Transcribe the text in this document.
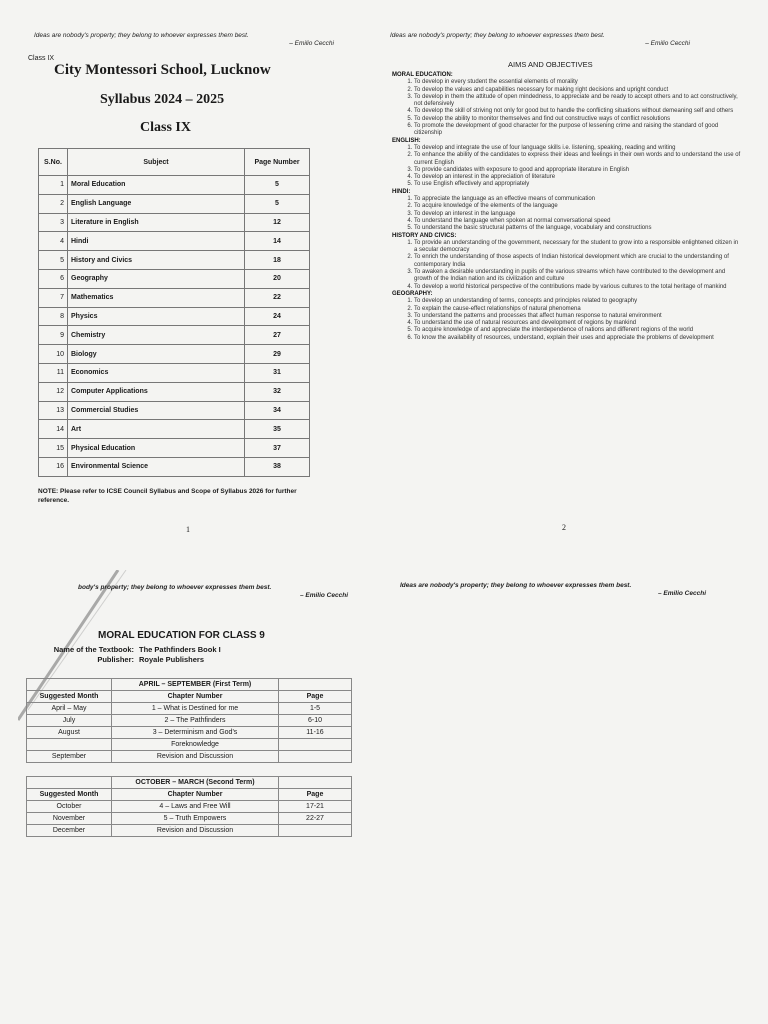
Ideas are nobody's property; they belong to whoever expresses them best.
– Emilio Cecchi
Class IX
City Montessori School, Lucknow
Syllabus 2024 – 2025
Class IX
S.No.	Subject	Page Number
1	Moral Education	5
2	English Language	5
3	Literature in English	12
4	Hindi	14
5	History and Civics	18
6	Geography	20
7	Mathematics	22
8	Physics	24
9	Chemistry	27
10	Biology	29
11	Economics	31
12	Computer Applications	32
13	Commercial Studies	34
14	Art	35
15	Physical Education	37
16	Environmental Science	38
NOTE: Please refer to ICSE Council Syllabus and Scope of Syllabus 2026 for further reference.
1
Ideas are nobody's property; they belong to whoever expresses them best.
– Emilio Cecchi
AIMS AND OBJECTIVES
MORAL EDUCATION:
1. To develop in every student the essential elements of morality
2. To develop the values and capabilities necessary for making right decisions and upright conduct
3. To develop in them the attitude of open mindedness, to appreciate and be ready to accept others and to act constructively, not defensively
4. To develop the skill of striving not only for good but to handle the conflicting situations without demeaning self and others
5. To develop the ability to monitor themselves and find out constructive ways of conflict resolutions
6. To promote the development of good character for the purpose of lessening crime and raising the standard of good citizenship
ENGLISH:
1. To develop and integrate the use of four language skills i.e. listening, speaking, reading and writing
2. To enhance the ability of the candidates to express their ideas and feelings in their own words and to understand the use of current English
3. To provide candidates with exposure to good and appropriate literature in English
4. To develop an interest in the appreciation of literature
5. To use English effectively and appropriately
HINDI:
1. To appreciate the language as an effective means of communication
2. To acquire knowledge of the elements of the language
3. To develop an interest in the language
4. To understand the language when spoken at normal conversational speed
5. To understand the basic structural patterns of the language, vocabulary and constructions
HISTORY AND CIVICS:
1. To provide an understanding of the government, necessary for the student to grow into a responsible enlightened citizen in a secular democracy
2. To enrich the understanding of those aspects of Indian historical development which are crucial to the understanding of contemporary India
3. To awaken a desirable understanding in pupils of the various streams which have contributed to the development and growth of the Indian nation and its civilization and culture
4. To develop a world historical perspective of the contributions made by various cultures to the total heritage of mankind
GEOGRAPHY:
1. To develop an understanding of terms, concepts and principles related to geography
2. To explain the cause-effect relationships of natural phenomena
3. To understand the patterns and processes that affect human response to natural environment
4. To understand the use of natural resources and development of regions by mankind
5. To acquire knowledge of and appreciate the interdependence of nations and different regions of the world
6. To know the availability of resources, understand, explain their uses and appreciate the problems of development
2
body's property; they belong to whoever expresses them best.
– Emilio Cecchi
MORAL EDUCATION FOR CLASS 9
Name of the Textbook: The Pathfinders Book I
Publisher: Royale Publishers
	APRIL – SEPTEMBER (First Term)	
Suggested Month	Chapter Number	Page
April – May	1 – What is Destined for me	1-5
July	2 – The Pathfinders	6-10
August	3 – Determinism and God's	11-16
	Foreknowledge	
September	Revision and Discussion	
	OCTOBER – MARCH (Second Term)	
Suggested Month	Chapter Number	Page
October	4 – Laws and Free Will	17-21
November	5 – Truth Empowers	22-27
December	Revision and Discussion	
Ideas are nobody's property; they belong to whoever expresses them best.
– Emilio Cecchi
